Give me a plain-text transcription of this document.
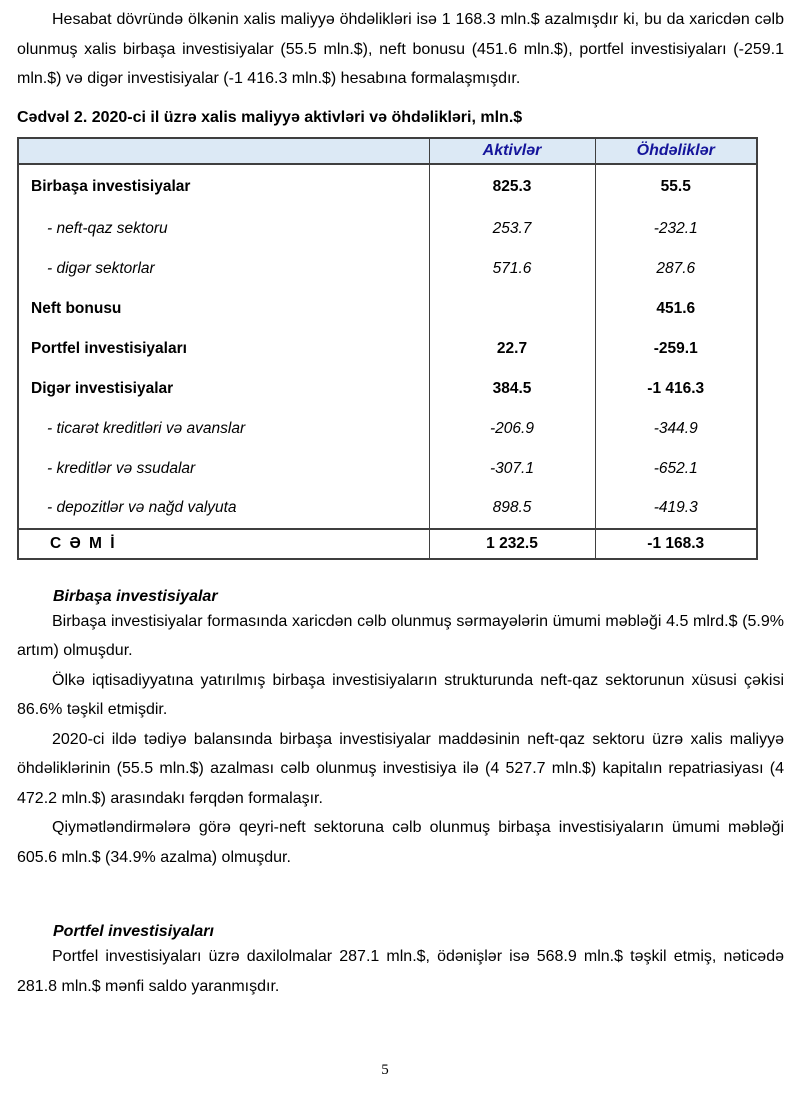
Hesabat dövründə ölkənin xalis maliyyə öhdəlikləri isə 1 168.3 mln.$ azalmışdır ki, bu da xaricdən cəlb olunmuş xalis birbaşa investisiyalar (55.5 mln.$), neft bonusu (451.6 mln.$), portfel investisiyaları (-259.1 mln.$) və digər investisiyalar (-1 416.3 mln.$) hesabına formalaşmışdır.

Cədvəl 2. 2020-ci il üzrə xalis maliyyə aktivləri və öhdəlikləri, mln.$

	Aktivlər	Öhdəliklər
Birbaşa investisiyalar	825.3	55.5
- neft-qaz sektoru	253.7	-232.1
- digər sektorlar	571.6	287.6
Neft bonusu		451.6
Portfel investisiyaları	22.7	-259.1
Digər investisiyalar	384.5	-1 416.3
- ticarət kreditləri və avanslar	-206.9	-344.9
- kreditlər və ssudalar	-307.1	-652.1
- depozitlər və nağd valyuta	898.5	-419.3
C Ə M İ	1 232.5	-1 168.3

Birbaşa investisiyalar

Birbaşa investisiyalar formasında xaricdən cəlb olunmuş sərmayələrin ümumi məbləği 4.5 mlrd.$ (5.9% artım) olmuşdur.

Ölkə iqtisadiyyatına yatırılmış birbaşa investisiyaların strukturunda neft-qaz sektorunun xüsusi çəkisi 86.6% təşkil etmişdir.

2020-ci ildə tədiyə balansında birbaşa investisiyalar maddəsinin neft-qaz sektoru üzrə xalis maliyyə öhdəliklərinin (55.5 mln.$) azalması cəlb olunmuş investisiya ilə (4 527.7 mln.$) kapitalın repatriasiyası (4 472.2 mln.$) arasındakı fərqdən formalaşır.

Qiymətləndirmələrə görə qeyri-neft sektoruna cəlb olunmuş birbaşa investisiyaların ümumi məbləği 605.6 mln.$ (34.9% azalma) olmuşdur.

Portfel investisiyaları

Portfel investisiyaları üzrə daxilolmalar 287.1 mln.$, ödənişlər isə 568.9 mln.$ təşkil etmiş, nəticədə 281.8 mln.$ mənfi saldo yaranmışdır.

5
